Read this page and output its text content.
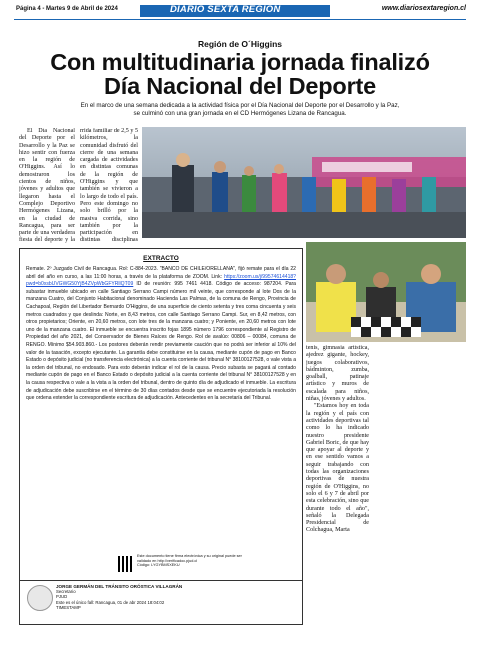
Página 4 - Martes 9 de Abril de 2024	DIARIO SEXTA REGIÓN	www.diariosextaregion.cl
Región de O´Higgins
Con multitudinaria jornada finalizó
Día Nacional del Deporte
En el marco de una semana dedicada a la actividad física por el Día Nacional del Deporte por el Desarrollo y la Paz,
se culminó con una gran jornada en el CD Hermógenes Lizana de Rancagua.

El Día Nacional del Deporte por el Desarrollo y la Paz se hizo sentir con fuerza en la región de O'Higgins. Así lo demostraron los cientos de niños, jóvenes y adultos que llegaron hasta el Complejo Deportivo Hermógenes Lizana, en la ciudad de Rancagua, para ser parte de una verdadera fiesta del deporte y la

rrida familiar de 2,5 y 5 kilómetros, la comunidad disfrutó del cierre de una semana cargada de actividades en distintas comunas de la región de O'Higgins y que también se vivieron a lo largo de todo el país. Pero este domingo no solo brilló por la masiva corrida, sino también por la participación en distintas disciplinas

EXTRACTO
Remate. 2º Juzgado Civil de Rancagua. Rol: C-884-2023. "BANCO DE CHILE/ORELLANA", fijó remate para el día 22 abril del año en curso, a las 11:00 horas, a través de la plataforma de ZOOM. Link: https://zoom.us/j/99574614418?pwd=b0xsbUVGWG50YjB4ZVpWbGFYRllQT09 ID de reunión: 995 7461 4418. Código de acceso: 987204. Para subastar inmueble ubicado en calle Santiago Serrano Campi número mil veinte, que corresponde al lote Dos de la manzana Cuatro, del Conjunto Habitacional denominado Hacienda Las Palmas, de la comuna de Rengo, Provincia de Cachapoal, Región del Libertador Bernardo O'Higgins, de una superficie de ciento setenta y tres coma cincuenta y seis metros cuadrados y que deslinda: Norte, en 8,43 metros, con calle Santiago Serrano Campi. Sur, en 8,42 metros, con otros propietarios; Oriente, en 20,60 metros, con lote tres de la manzana cuatro; y Poniente, en 20,60 metros con lote uno de la manzana cuatro. El inmueble se encuentra inscrito fojas 1895 número 1796 correspondiente al Registro de Propiedad del año 2021, del Conservador de Bienes Raíces de Rengo. Rol de avalúo: 00806 – 00084, comuna de RENGO. Mínimo $54.903.860.- Los postores deberán rendir previamente caución que no podrá ser inferior al 10% del valor de la tasación, excepto ejecutante. La garantía debe constituirse en la causa, mediante cupón de pago en Banco Estado o depósito judicial (no transferencia electrónica) a la cuenta corriente del tribunal N° 38100127528, o vale vista a la orden del tribunal, no endosado. Para esto deberán indicar el rol de la causa. Precio subasta se pagará al contado mediante cupón de pago en el Banco Estado o depósito judicial a la cuenta corriente del tribunal N° 38100127528 y en la causa respectiva o vale a la vista a la orden del tribunal, dentro de quinto día de adjudicado el inmueble. La escritura de adjudicación debe suscribirse en el término de 30 días contados desde que se encuentre ejecutoriada la resolución que ordena extender la correspondiente escritura de adjudicación. Antecedentes en la secretaría del Tribunal.
Este documento tiene firma electrónica y su original puede ser validado en http://verificadoc.pjud.cl
Código: LYGYBMSXEKU
JORGE GERMÁN DEL TRÁNSITO ORÓSTICA VILLAGRÁN
Secretario
PJUD
Este es el único fall: Rancagua, 01 de abr 2024 18:04:02
TIMESTAMP

tenis, gimnasia artística, ajedrez gigante, hockey, juegos colaborativos, bádminton, zumba, goalball, patinaje artístico y muros de escalada para niños, niñas, jóvenes y adultos.

"Estamos hoy en toda la región y el país con actividades deportivas tal como lo ha indicado nuestro presidente Gabriel Boric, de que hay que apoyar al deporte y en ese sentido vamos a seguir trabajando con todas las organizaciones deportivas de nuestra región de O'Higgins, no solo el 6 y 7 de abril por esta celebración, sino que durante todo el año", señaló la Delegada Presidencial de Colchagua, Marta
